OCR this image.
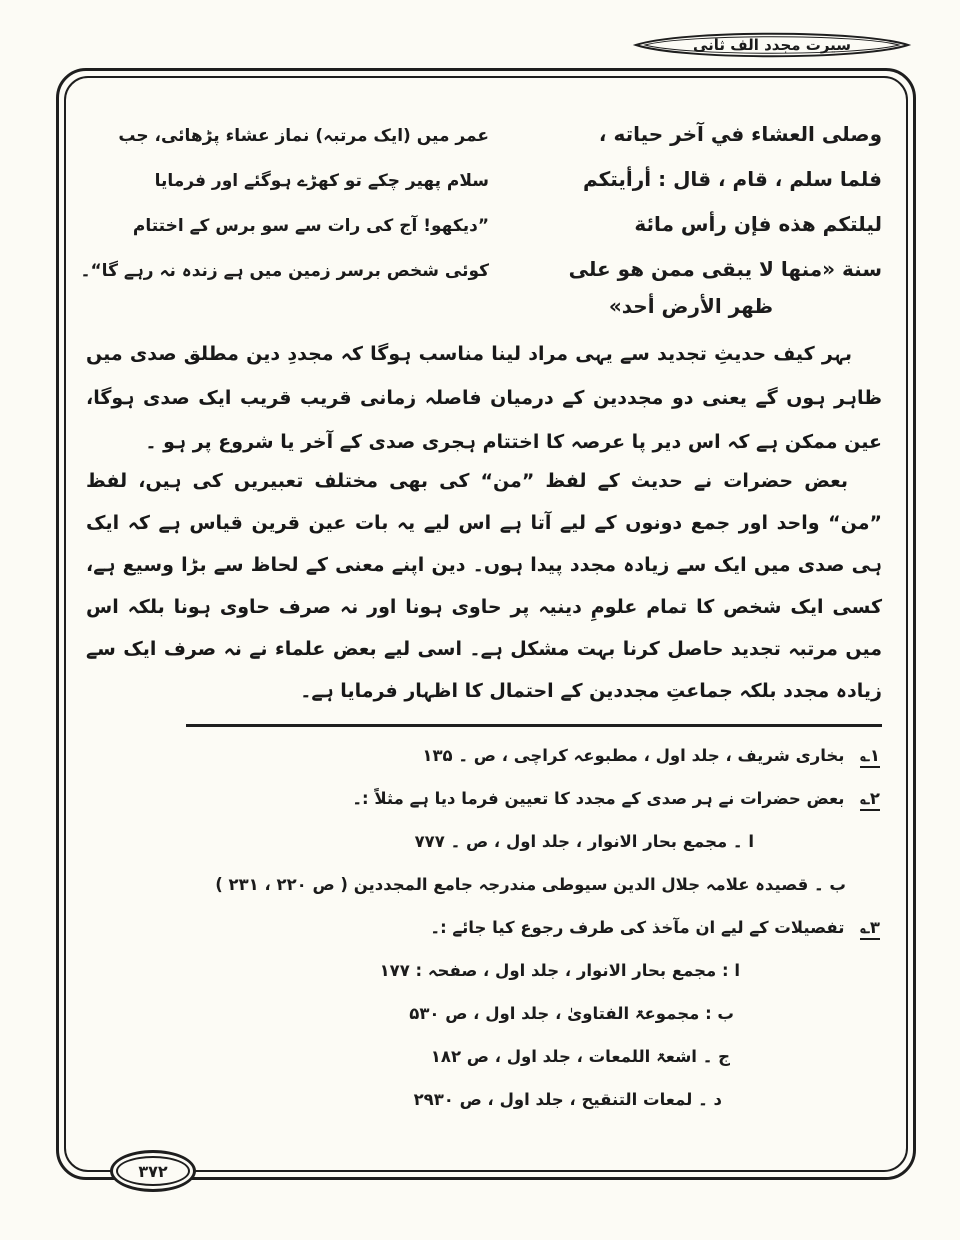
سیرت مجدد الف ثانی
وصلى العشاء في آخر حياته ،
عمر میں (ایک مرتبہ) نماز عشاء پڑھائی، جب
فلما سلم ، قام ، قال : أرأيتكم
سلام پھیر چکے تو کھڑے ہوگئے اور فرمایا
ليلتكم هذه فإن رأس مائة
”دیکھو! آج کی رات سے سو برس کے اختتام
سنة «منها لا يبقى ممن هو على
کوئی شخص برسر زمین میں ہے زندہ نہ رہے گا“۔
ظهر الأرض أحد»
بہر کیف حدیثِ تجدید سے یہی مراد لینا مناسب ہوگا کہ مجددِ دین مطلق صدی میں ظاہر ہوں گے یعنی دو مجددین کے درمیان فاصلہ زمانی قریب قریب ایک صدی ہوگا، عین ممکن ہے کہ اس دیر پا عرصہ کا اختتام ہجری صدی کے آخر یا شروع پر ہو ۔
بعض حضرات نے حدیث کے لفظ ”من“ کی بھی مختلف تعبیریں کی ہیں، لفظ ”من“ واحد اور جمع دونوں کے لیے آتا ہے اس لیے یہ بات عین قرین قیاس ہے کہ ایک ہی صدی میں ایک سے زیادہ مجدد پیدا ہوں۔ دین اپنے معنی کے لحاظ سے بڑا وسیع ہے، کسی ایک شخص کا تمام علومِ دینیہ پر حاوی ہونا اور نہ صرف حاوی ہونا بلکہ اس میں مرتبہ تجدید حاصل کرنا بہت مشکل ہے۔ اسی لیے بعض علماء نے نہ صرف ایک سے زیادہ مجدد بلکہ جماعتِ مجددین کے احتمال کا اظہار فرمایا ہے۔
۱؎ بخاری شریف ، جلد اول ، مطبوعہ کراچی ، ص ۔ ۱۳۵
۲؎ بعض حضرات نے ہر صدی کے مجدد کا تعیین فرما دیا ہے مثلاً :۔
ا ۔ مجمع بحار الانوار ، جلد اول ، ص ۔ ۷۷۷
ب ۔ قصیدہ علامہ جلال الدین سیوطی مندرجہ جامع المجددین ( ص ۲۲۰ ، ۲۳۱ )
۳؎ تفصیلات کے لیے ان مآخذ کی طرف رجوع کیا جائے :۔
ا : مجمع بحار الانوار ، جلد اول ، صفحہ : ۱۷۷
ب : مجموعۃ الفتاویٰ ، جلد اول ، ص ۵۳۰
ج ۔ اشعۃ اللمعات ، جلد اول ، ص ۱۸۲
د ۔ لمعات التنقیح ، جلد اول ، ص ۲۹۳۰
۳۷۲
